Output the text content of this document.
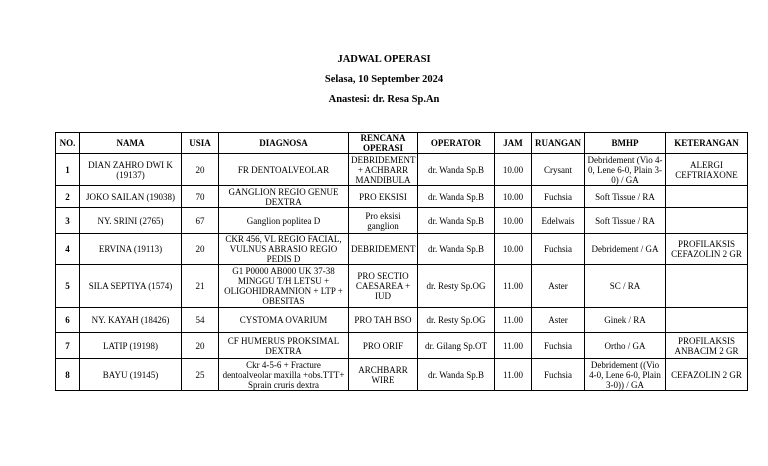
JADWAL OPERASI
Selasa, 10 September 2024
Anastesi: dr. Resa Sp.An
NO.	NAMA	USIA	DIAGNOSA	RENCANA OPERASI	OPERATOR	JAM	RUANGAN	BMHP	KETERANGAN
1	DIAN ZAHRO DWI K (19137)	20	FR DENTOALVEOLAR	DEBRIDEMENT + ACHBARR MANDIBULA	dr. Wanda Sp.B	10.00	Crysant	Debridement (Vio 4-0, Lene 6-0, Plain 3-0) / GA	ALERGI CEFTRIAXONE
2	JOKO SAILAN (19038)	70	GANGLION REGIO GENUE DEXTRA	PRO EKSISI	dr. Wanda Sp.B	10.00	Fuchsia	Soft Tissue / RA	
3	NY. SRINI (2765)	67	Ganglion poplitea D	Pro eksisi ganglion	dr. Wanda Sp.B	10.00	Edelwais	Soft Tissue / RA	
4	ERVINA (19113)	20	CKR 456, VL REGIO FACIAL, VULNUS ABRASIO REGIO PEDIS D	DEBRIDEMENT	dr. Wanda Sp.B	10.00	Fuchsia	Debridement / GA	PROFILAKSIS CEFAZOLIN 2 GR
5	SILA SEPTIYA (1574)	21	G1 P0000 AB000 UK 37-38 MINGGU T/H LETSU + OLIGOHIDRAMNION + LTP + OBESITAS	PRO SECTIO CAESAREA + IUD	dr. Resty Sp.OG	11.00	Aster	SC / RA	
6	NY. KAYAH (18426)	54	CYSTOMA OVARIUM	PRO TAH BSO	dr. Resty Sp.OG	11.00	Aster	Ginek / RA	
7	LATIP (19198)	20	CF HUMERUS PROKSIMAL DEXTRA	PRO ORIF	dr. Gilang Sp.OT	11.00	Fuchsia	Ortho / GA	PROFILAKSIS ANBACIM 2 GR
8	BAYU (19145)	25	Ckr 4-5-6 + Fracture dentoalveolar maxilla +obs.TTT+ Sprain cruris dextra	ARCHBARR WIRE	dr. Wanda Sp.B	11.00	Fuchsia	Debridement ((Vio 4-0, Lene 6-0, Plain 3-0)) / GA	CEFAZOLIN 2 GR
